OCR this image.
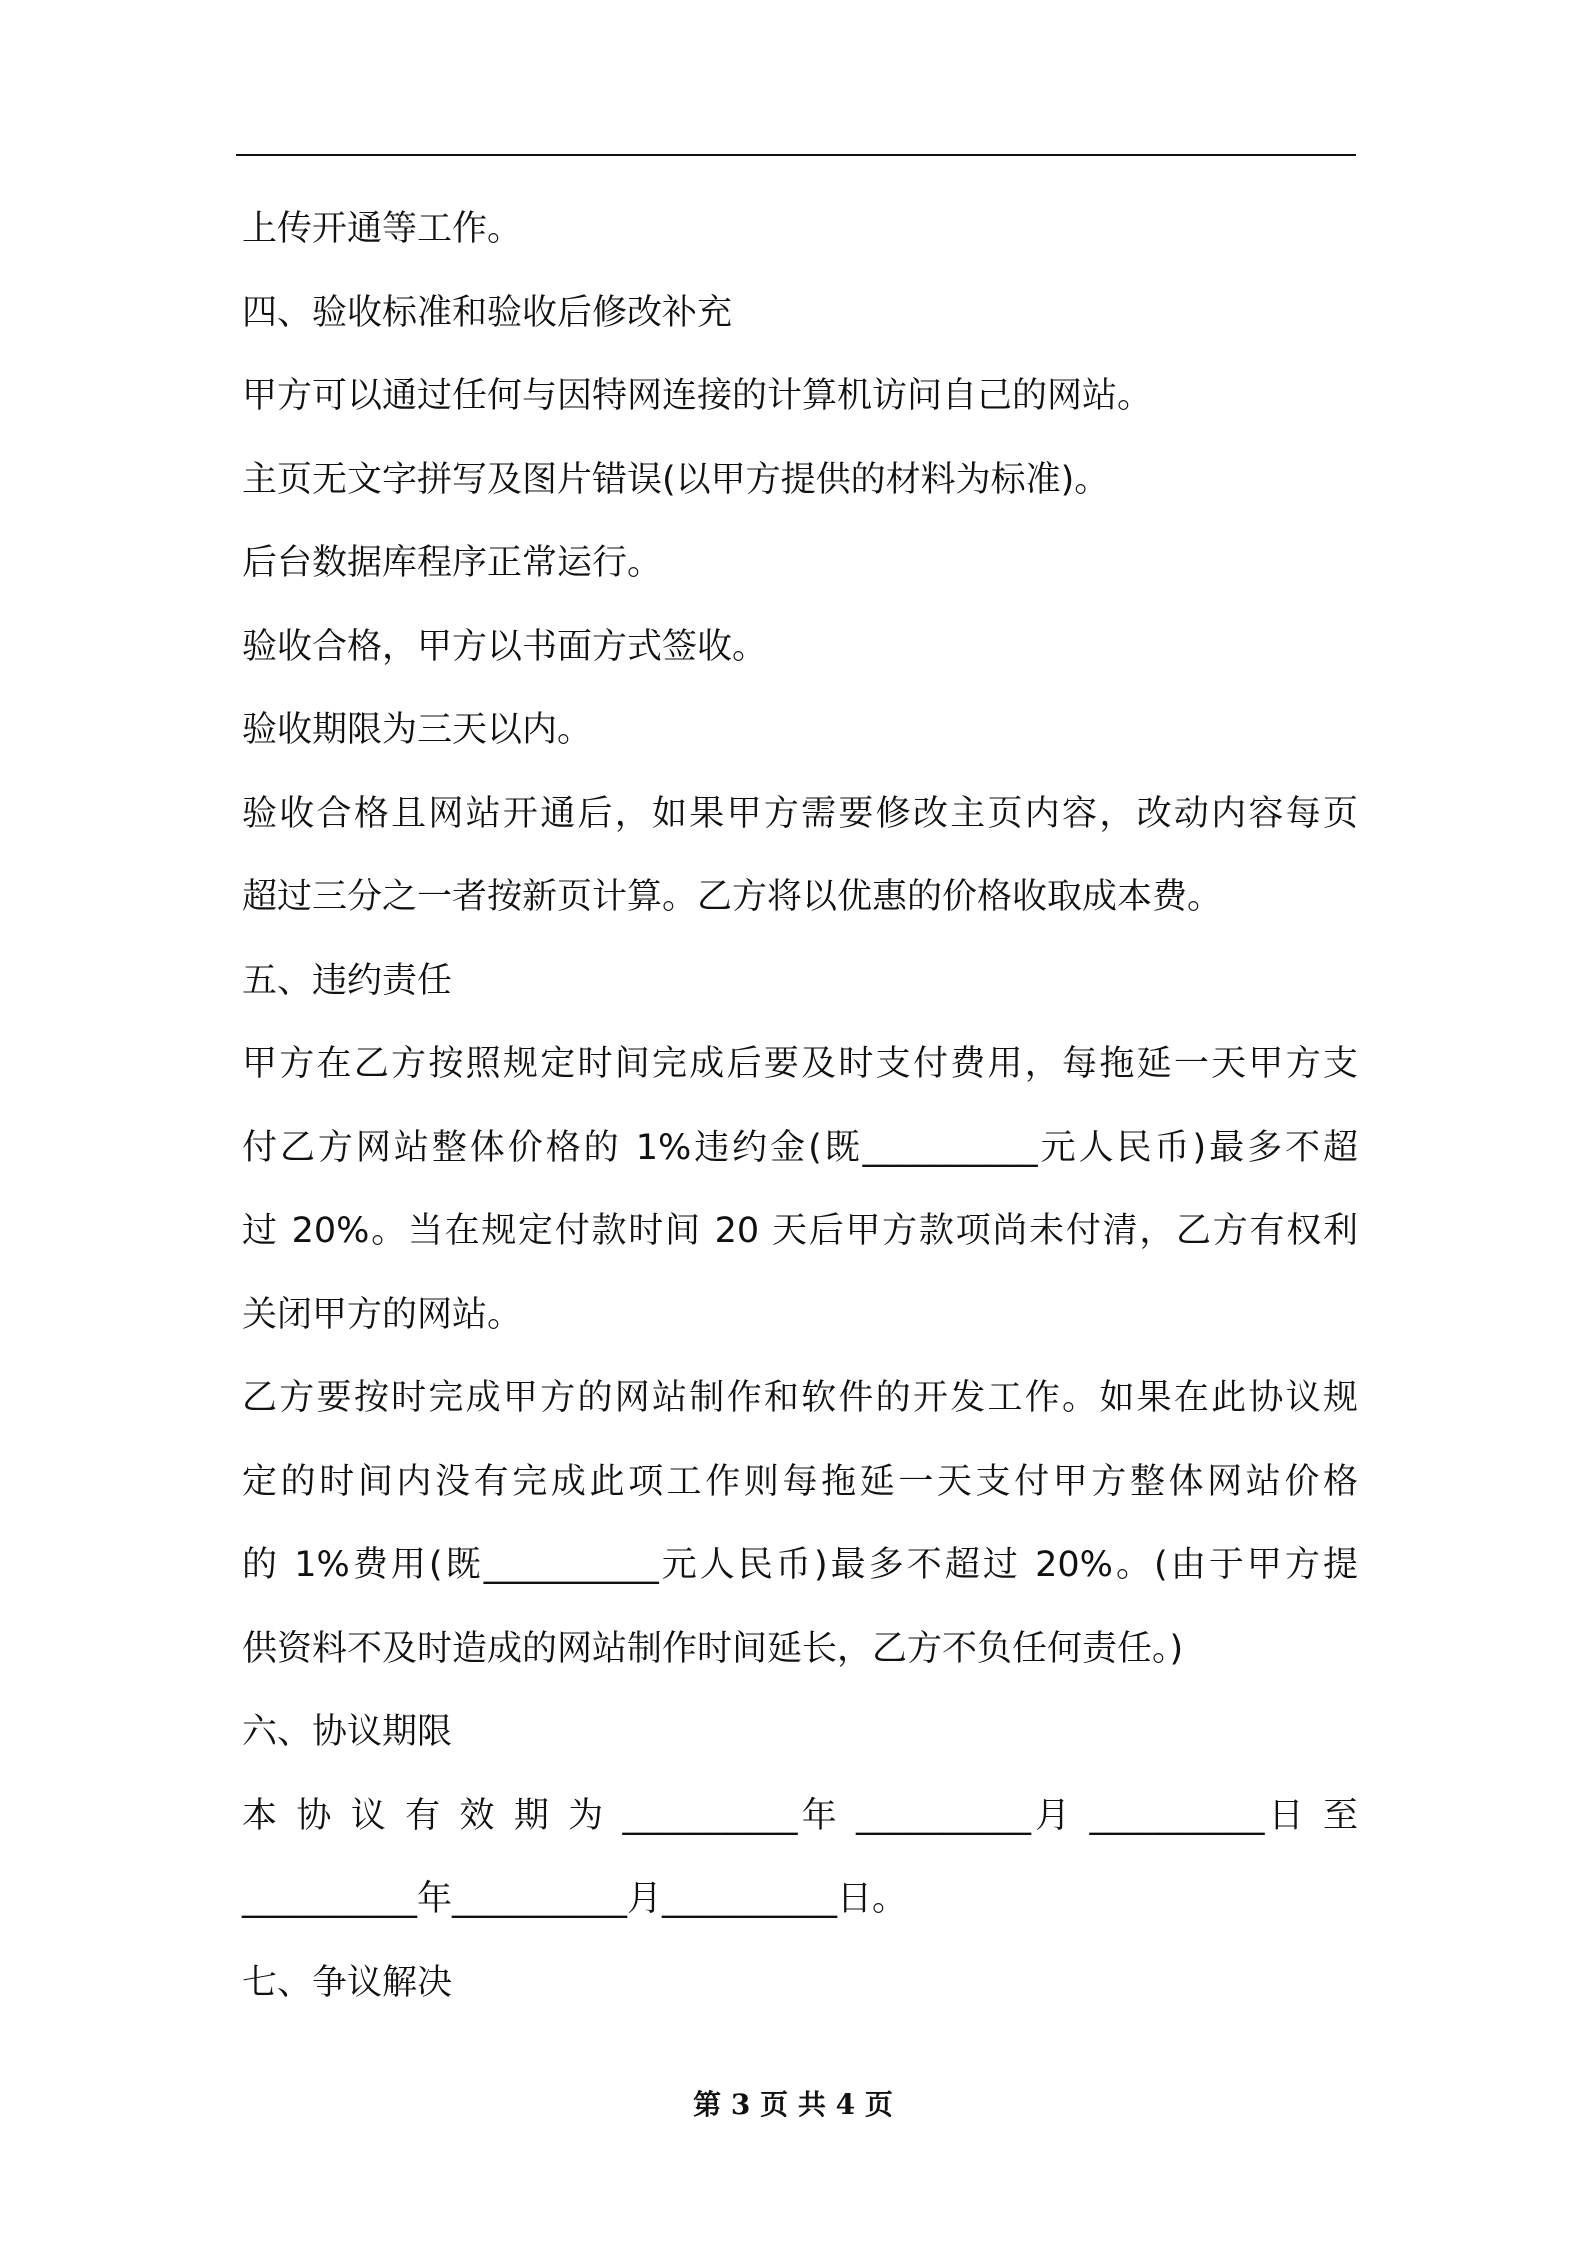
上传开通等工作。
四、验收标准和验收后修改补充
甲方可以通过任何与因特网连接的计算机访问自己的网站。
主页无文字拼写及图片错误(以甲方提供的材料为标准)。
后台数据库程序正常运行。
验收合格，甲方以书面方式签收。
验收期限为三天以内。
验收合格且网站开通后，如果甲方需要修改主页内容，改动内容每页
超过三分之一者按新页计算。乙方将以优惠的价格收取成本费。
五、违约责任
甲方在乙方按照规定时间完成后要及时支付费用，每拖延一天甲方支
付乙方网站整体价格的 1%违约金(既__________元人民币)最多不超
过 20%。当在规定付款时间 20 天后甲方款项尚未付清，乙方有权利
关闭甲方的网站。
乙方要按时完成甲方的网站制作和软件的开发工作。如果在此协议规
定的时间内没有完成此项工作则每拖延一天支付甲方整体网站价格
的 1%费用(既__________元人民币)最多不超过 20%。(由于甲方提
供资料不及时造成的网站制作时间延长，乙方不负任何责任。)
六、协议期限
本 协 议 有 效 期 为 __________年 __________月 __________日 至
__________年__________月__________日。
七、争议解决
第 3 页 共 4 页
